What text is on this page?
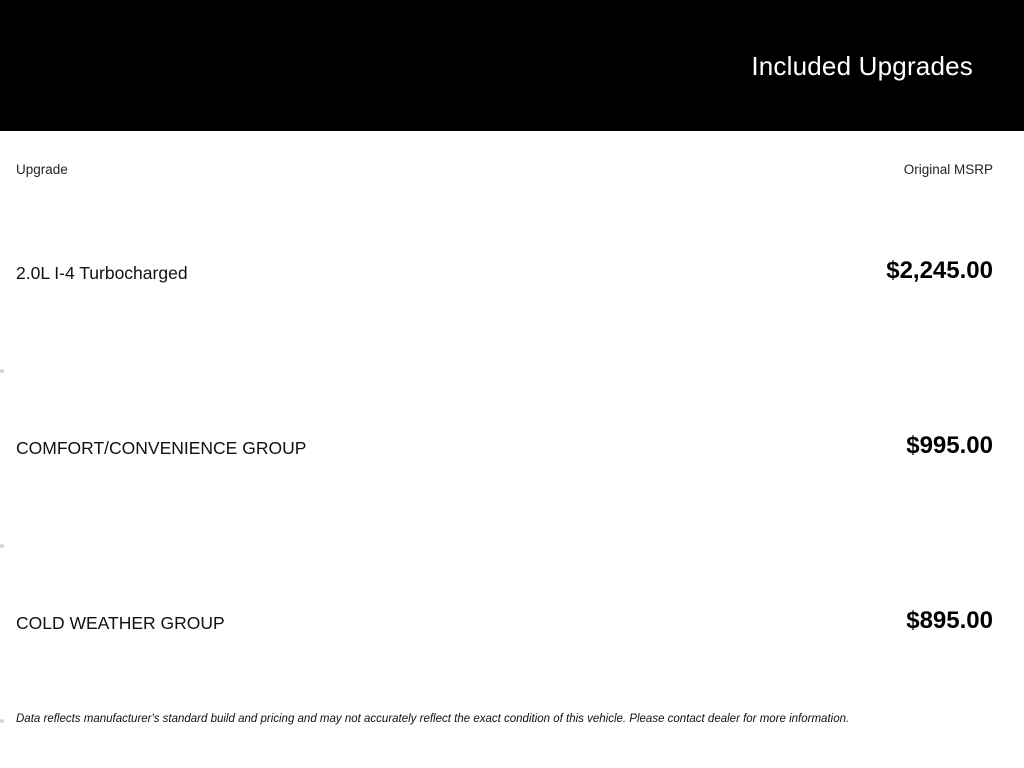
Included Upgrades
Upgrade	Original MSRP
2.0L I-4 Turbocharged	$2,245.00
COMFORT/CONVENIENCE GROUP	$995.00
COLD WEATHER GROUP	$895.00
Data reflects manufacturer's standard build and pricing and may not accurately reflect the exact condition of this vehicle. Please contact dealer for more information.
